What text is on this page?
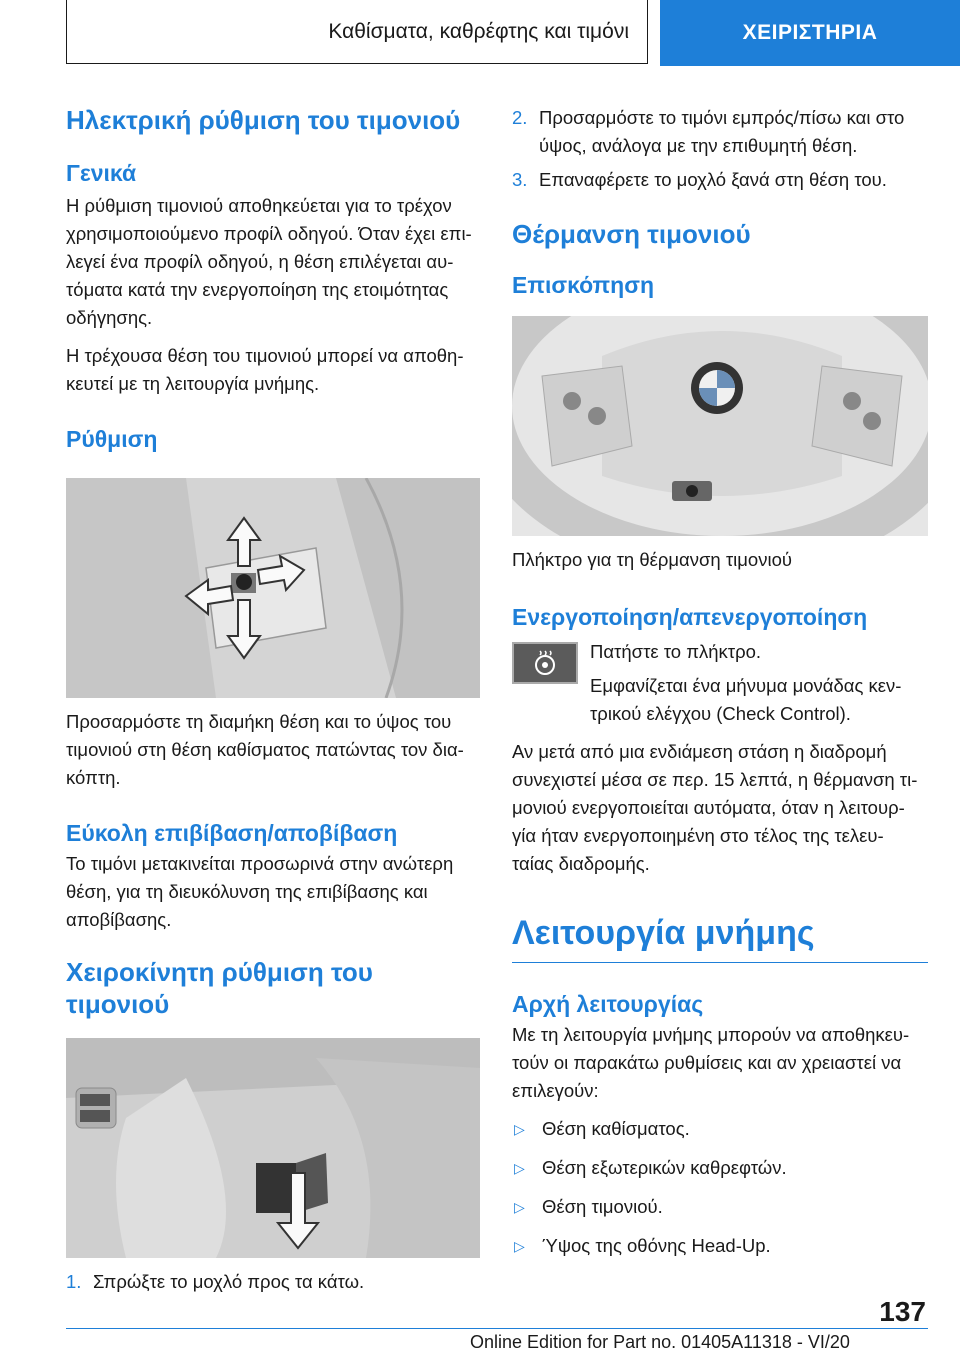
Καθίσματα, καθρέφτης και τιμόνι	ΧΕΙΡΙΣΤΗΡΙΑ
Ηλεκτρική ρύθμιση του τιμονιού
Γενικά

Η ρύθμιση τιμονιού αποθηκεύεται για το τρέχον χρησιμοποιούμενο προφίλ οδηγού. Όταν έχει επι‐ λεγεί ένα προφίλ οδηγού, η θέση επιλέγεται αυ‐ τόματα κατά την ενεργοποίηση της ετοιμότητας οδήγησης.

Η τρέχουσα θέση του τιμονιού μπορεί να αποθη‐ κευτεί με τη λειτουργία μνήμης.

Ρύθμιση

Προσαρμόστε τη διαμήκη θέση και το ύψος του τιμονιού στη θέση καθίσματος πατώντας τον δια‐ κόπτη.

Εύκολη επιβίβαση/αποβίβαση

Το τιμόνι μετακινείται προσωρινά στην ανώτερη θέση, για τη διευκόλυνση της επιβίβασης και αποβίβασης.

Χειροκίνητη ρύθμιση του τιμονιού
1. Σπρώξτε το μοχλό προς τα κάτω.
2. Προσαρμόστε το τιμόνι εμπρός/πίσω και στο ύψος, ανάλογα με την επιθυμητή θέση.
3. Επαναφέρετε το μοχλό ξανά στη θέση του.
Θέρμανση τιμονιού
Επισκόπηση
Πλήκτρο για τη θέρμανση τιμονιού
Ενεργοποίηση/απενεργοποίηση

Πατήστε το πλήκτρο.

Εμφανίζεται ένα μήνυμα μονάδας κεν‐ τρικού ελέγχου (Check Control).

Αν μετά από μια ενδιάμεση στάση η διαδρομή συνεχιστεί μέσα σε περ. 15 λεπτά, η θέρμανση τι‐ μονιού ενεργοποιείται αυτόματα, όταν η λειτουρ‐ γία ήταν ενεργοποιημένη στο τέλος της τελευ‐ ταίας διαδρομής.

Λειτουργία μνήμης
Αρχή λειτουργίας

Με τη λειτουργία μνήμης μπορούν να αποθηκευ‐ τούν οι παρακάτω ρυθμίσεις και αν χρειαστεί να επιλεγούν:

▷ Θέση καθίσματος.
▷ Θέση εξωτερικών καθρεφτών.
▷ Θέση τιμονιού.
▷ Ύψος της οθόνης Head-Up.
137
Online Edition for Part no. 01405A11318 - VI/20
